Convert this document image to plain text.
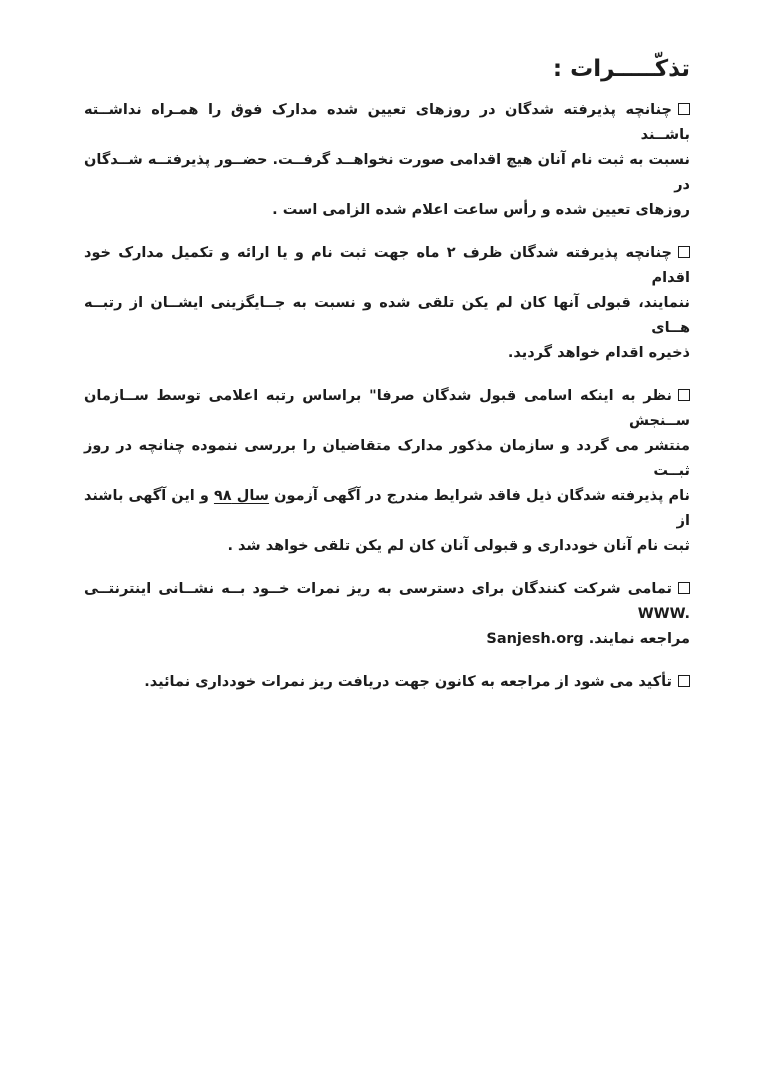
تذکّـــــرات :
چنانچه پذیرفته شدگان در روزهای تعیین شده مدارک فوق را همـراه نداشــته باشــند
نسبت به ثبت نام آنان هیچ اقدامی صورت نخواهــد گرفــت. حضــور پذیرفتــه شــدگان در
روزهای تعیین شده و رأس ساعت اعلام شده الزامی است .
چنانچه پذیرفته شدگان ظرف ۲ ماه جهت ثبت نام و یا ارائه و تکمیل مدارک خود اقدام
ننمایند، قبولی آنها کان لم یکن تلقی شده و نسبت به جــایگزینی ایشــان از رتبــه هــای
ذخیره اقدام خواهد گردید.
نظر به اینکه اسامی قبول شدگان صرفا" براساس رتبه اعلامی توسط ســازمان ســنجش
منتشر می گردد و سازمان مذکور مدارک متقاضیان را بررسی ننموده چنانچه در روز ثبــت
نام پذیرفته شدگان ذیل فاقد شرایط مندرج در آگهی آزمون سال ۹۸ و این آگهی باشند از
ثبت نام آنان خودداری و قبولی آنان کان لم یکن تلقی خواهد شد .
تمامی شرکت کنندگان برای دسترسی به ریز نمرات خــود بــه نشــانی اینترنتــی WWW.
Sanjesh.org مراجعه نمایند.
تأکید می شود از مراجعه به کانون جهت دریافت ریز نمرات خودداری نمائید.
